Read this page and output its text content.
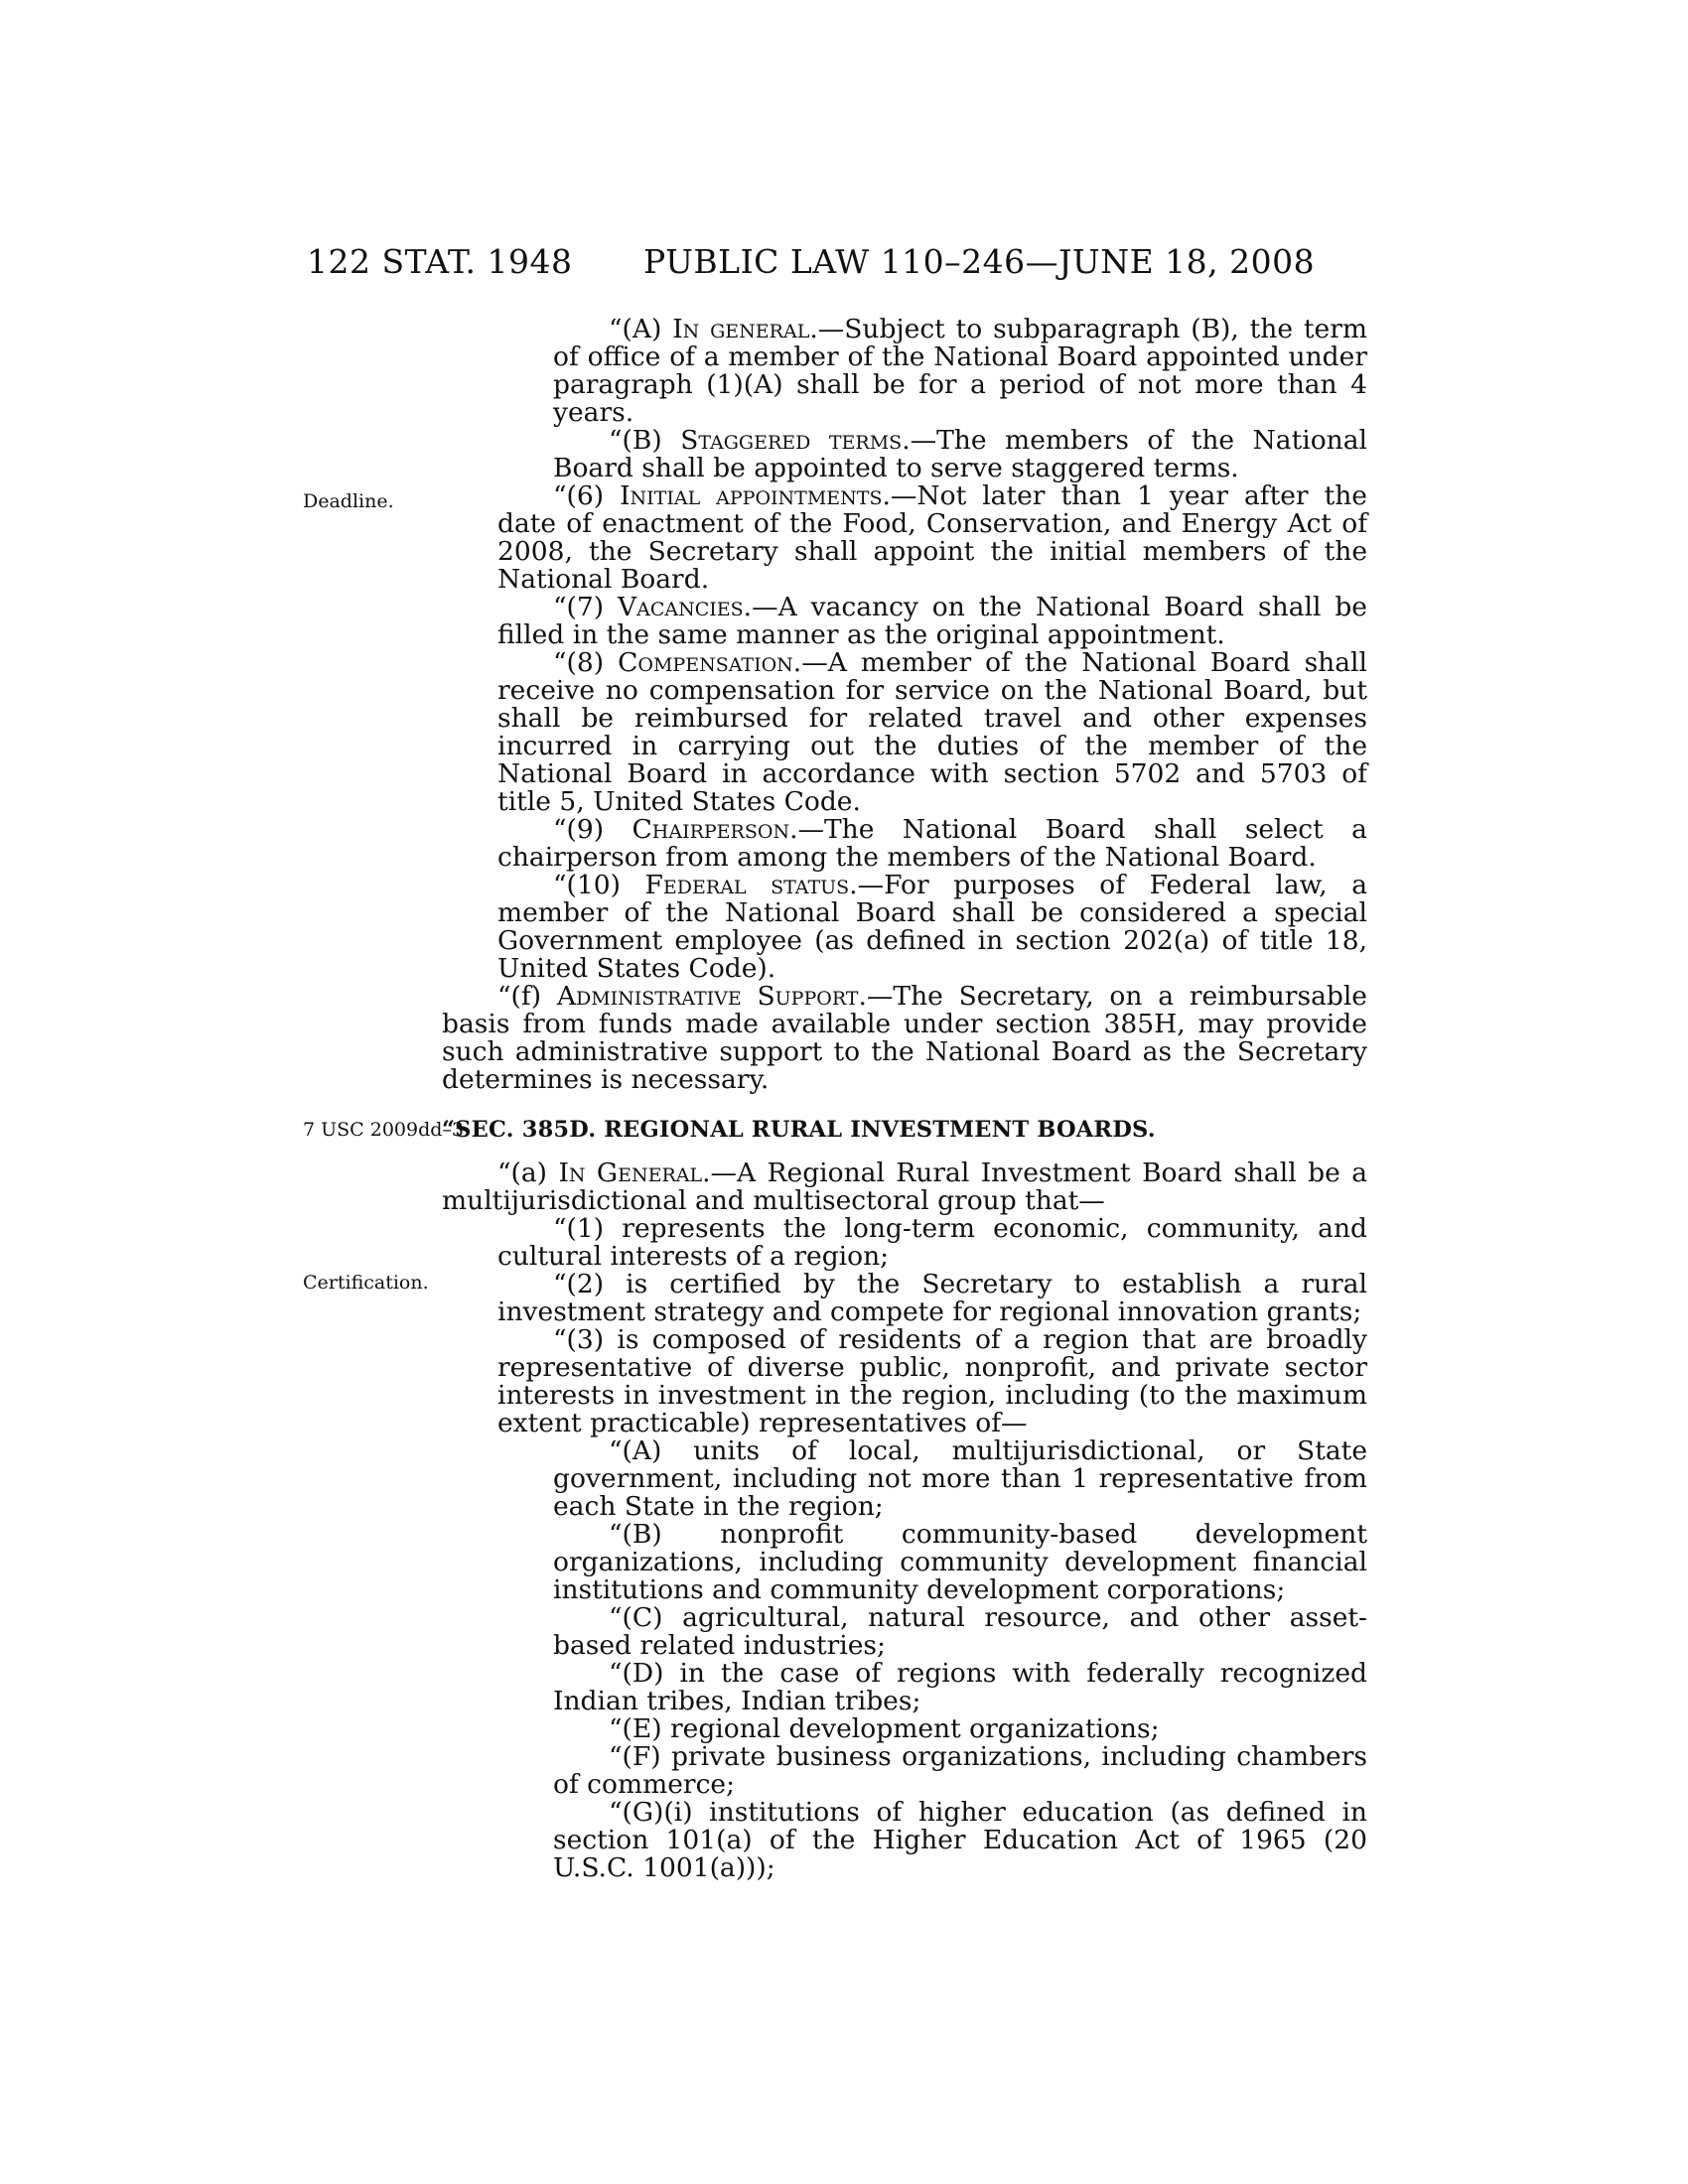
122 STAT. 1948 PUBLIC LAW 110–246—JUNE 18, 2008
Deadline.
7 USC 2009dd–3.
Certification.

“(A) In general.—Subject to subparagraph (B), the term of office of a member of the National Board appointed under paragraph (1)(A) shall be for a period of not more than 4 years.

“(B) Staggered terms.—The members of the National Board shall be appointed to serve staggered terms.

“(6) Initial appointments.—Not later than 1 year after the date of enactment of the Food, Conservation, and Energy Act of 2008, the Secretary shall appoint the initial members of the National Board.

“(7) Vacancies.—A vacancy on the National Board shall be filled in the same manner as the original appointment.

“(8) Compensation.—A member of the National Board shall receive no compensation for service on the National Board, but shall be reimbursed for related travel and other expenses incurred in carrying out the duties of the member of the National Board in accordance with section 5702 and 5703 of title 5, United States Code.

“(9) Chairperson.—The National Board shall select a chairperson from among the members of the National Board.

“(10) Federal status.—For purposes of Federal law, a member of the National Board shall be considered a special Government employee (as defined in section 202(a) of title 18, United States Code).

“(f) Administrative Support.—The Secretary, on a reimbursable basis from funds made available under section 385H, may provide such administrative support to the National Board as the Secretary determines is necessary.

“SEC. 385D. REGIONAL RURAL INVESTMENT BOARDS.

“(a) In General.—A Regional Rural Investment Board shall be a multijurisdictional and multisectoral group that—

“(1) represents the long-term economic, community, and cultural interests of a region;

“(2) is certified by the Secretary to establish a rural investment strategy and compete for regional innovation grants;

“(3) is composed of residents of a region that are broadly representative of diverse public, nonprofit, and private sector interests in investment in the region, including (to the maximum extent practicable) representatives of—

“(A) units of local, multijurisdictional, or State government, including not more than 1 representative from each State in the region;

“(B) nonprofit community-based development organizations, including community development financial institutions and community development corporations;

“(C) agricultural, natural resource, and other asset-based related industries;

“(D) in the case of regions with federally recognized Indian tribes, Indian tribes;

“(E) regional development organizations;

“(F) private business organizations, including chambers of commerce;

“(G)(i) institutions of higher education (as defined in section 101(a) of the Higher Education Act of 1965 (20 U.S.C. 1001(a)));
